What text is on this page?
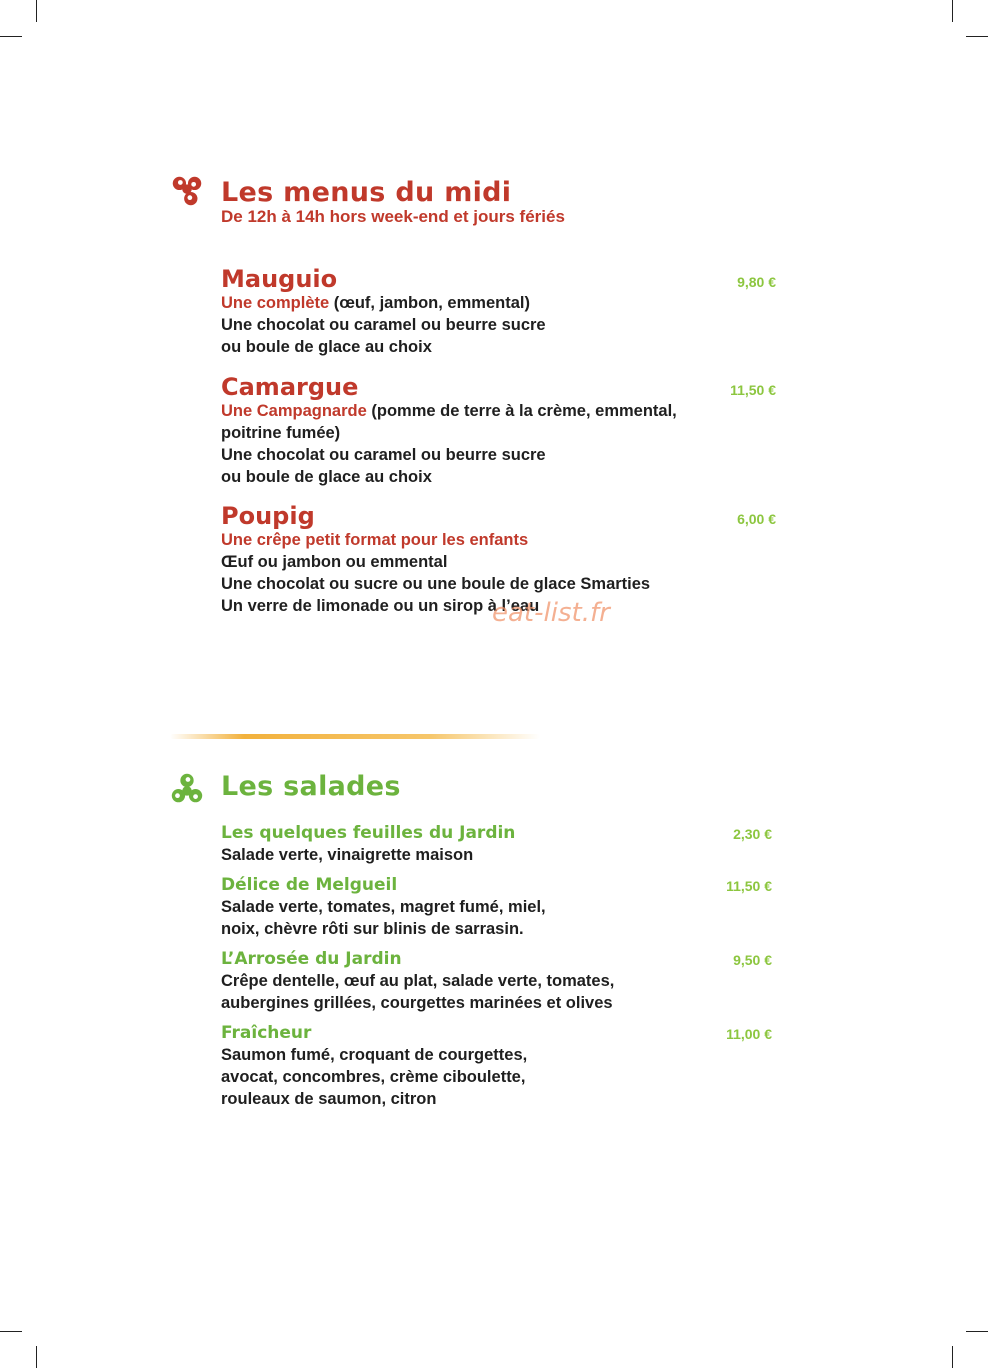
Les menus du midi

De 12h à 14h hors week-end et jours fériés

Mauguio

Une complète (œuf, jambon, emmental)

Une chocolat ou caramel ou beurre sucre

ou boule de glace au choix

9,80 €

Camargue

Une Campagnarde (pomme de terre à la crème, emmental,

poitrine fumée)

Une chocolat ou caramel ou beurre sucre

ou boule de glace au choix

11,50 €

Poupig

Une crêpe petit format pour les enfants

Œuf ou jambon ou emmental

Une chocolat ou sucre ou une boule de glace Smarties

Un verre de limonade ou un sirop à l’eau

6,00 €
eat-list.fr
Les salades

Les quelques feuilles du Jardin

Salade verte, vinaigrette maison

2,30 €

Délice de Melgueil

Salade verte, tomates, magret fumé, miel,

noix, chèvre rôti sur blinis de sarrasin.

11,50 €

L’Arrosée du Jardin

Crêpe dentelle, œuf au plat, salade verte, tomates,

aubergines grillées, courgettes marinées et olives

9,50 €

Fraîcheur

Saumon fumé, croquant de courgettes,

avocat, concombres, crème ciboulette,

rouleaux de saumon, citron

11,00 €
